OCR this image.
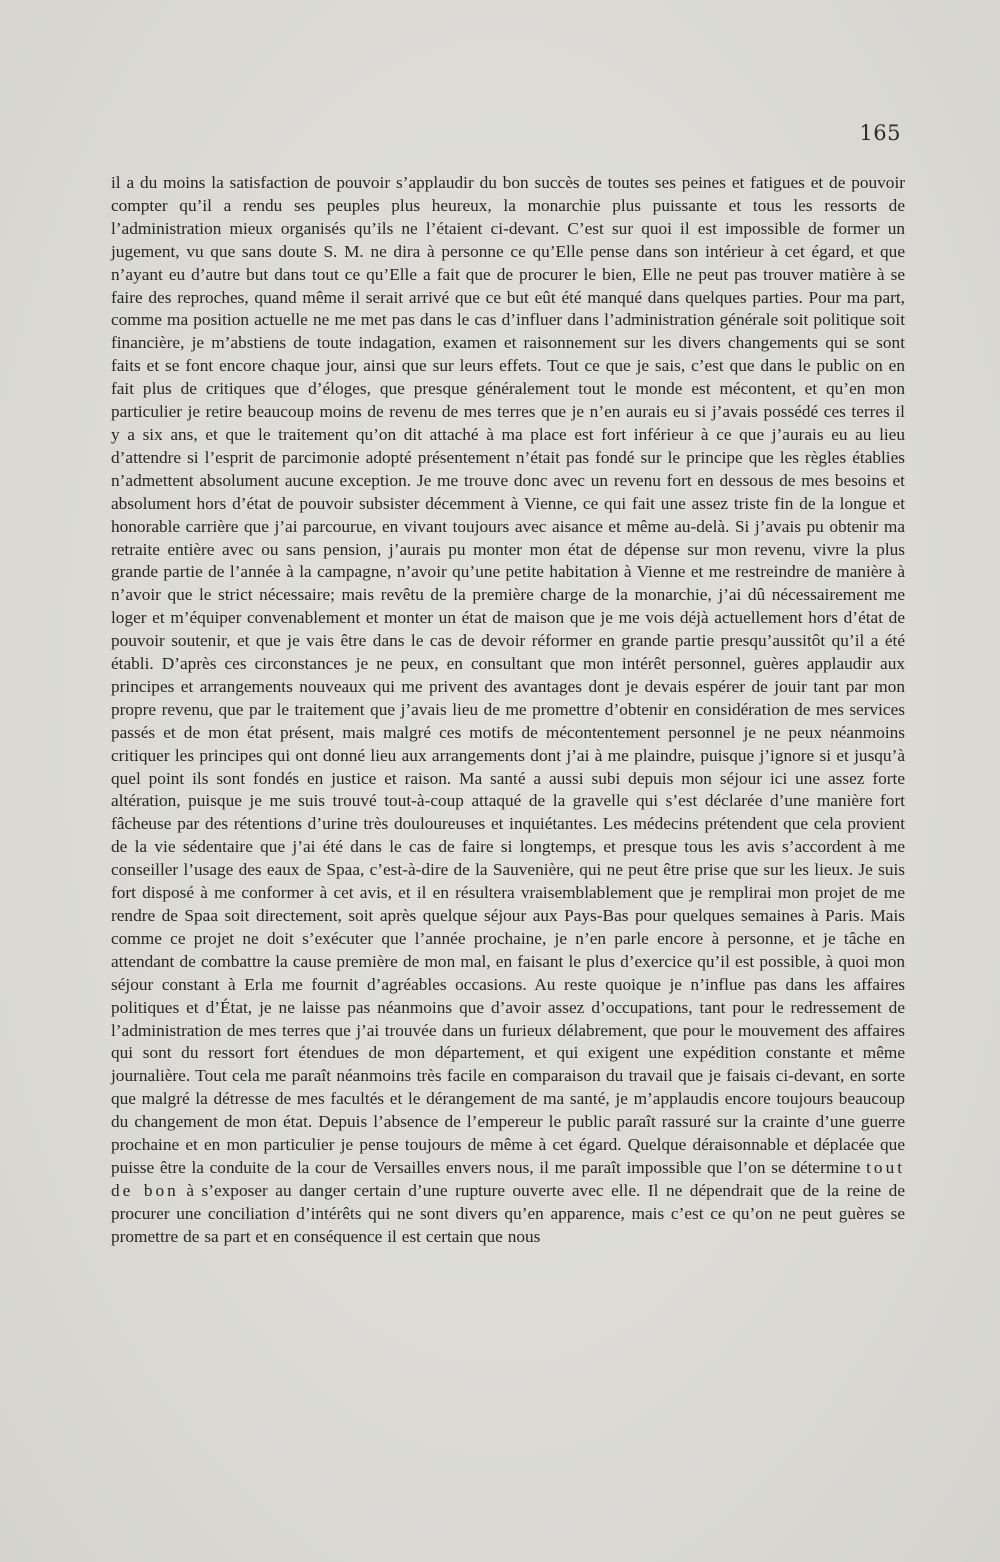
165

il a du moins la satisfaction de pouvoir s’applaudir du bon succès de toutes ses peines et fatigues et de pouvoir compter qu’il a rendu ses peuples plus heureux, la monarchie plus puissante et tous les ressorts de l’administration mieux organisés qu’ils ne l’étaient ci-devant. C’est sur quoi il est impossible de former un jugement, vu que sans doute S. M. ne dira à personne ce qu’Elle pense dans son intérieur à cet égard, et que n’ayant eu d’autre but dans tout ce qu’Elle a fait que de procurer le bien, Elle ne peut pas trouver matière à se faire des reproches, quand même il serait arrivé que ce but eût été manqué dans quelques parties. Pour ma part, comme ma position actuelle ne me met pas dans le cas d’influer dans l’administration générale soit politique soit financière, je m’abstiens de toute indagation, examen et raisonnement sur les divers changements qui se sont faits et se font encore chaque jour, ainsi que sur leurs effets. Tout ce que je sais, c’est que dans le public on en fait plus de critiques que d’éloges, que presque généralement tout le monde est mécontent, et qu’en mon particulier je retire beaucoup moins de revenu de mes terres que je n’en aurais eu si j’avais possédé ces terres il y a six ans, et que le traitement qu’on dit attaché à ma place est fort inférieur à ce que j’aurais eu au lieu d’attendre si l’esprit de parcimonie adopté présentement n’était pas fondé sur le principe que les règles établies n’admettent absolument aucune exception. Je me trouve donc avec un revenu fort en dessous de mes besoins et absolument hors d’état de pouvoir subsister décemment à Vienne, ce qui fait une assez triste fin de la longue et honorable carrière que j’ai parcourue, en vivant toujours avec aisance et même au-delà. Si j’avais pu obtenir ma retraite entière avec ou sans pension, j’aurais pu monter mon état de dépense sur mon revenu, vivre la plus grande partie de l’année à la campagne, n’avoir qu’une petite habitation à Vienne et me restreindre de manière à n’avoir que le strict nécessaire; mais revêtu de la première charge de la monarchie, j’ai dû nécessairement me loger et m’équiper convenablement et monter un état de maison que je me vois déjà actuellement hors d’état de pouvoir soutenir, et que je vais être dans le cas de devoir réformer en grande partie presqu’aussitôt qu’il a été établi. D’après ces circonstances je ne peux, en consultant que mon intérêt personnel, guères applaudir aux principes et arrangements nouveaux qui me privent des avantages dont je devais espérer de jouir tant par mon propre revenu, que par le traitement que j’avais lieu de me promettre d’obtenir en considération de mes services passés et de mon état présent, mais malgré ces motifs de mécontentement personnel je ne peux néanmoins critiquer les principes qui ont donné lieu aux arrangements dont j’ai à me plaindre, puisque j’ignore si et jusqu’à quel point ils sont fondés en justice et raison. Ma santé a aussi subi depuis mon séjour ici une assez forte altération, puisque je me suis trouvé tout-à-coup attaqué de la gravelle qui s’est déclarée d’une manière fort fâcheuse par des rétentions d’urine très douloureuses et inquiétantes. Les médecins prétendent que cela provient de la vie sédentaire que j’ai été dans le cas de faire si longtemps, et presque tous les avis s’accordent à me conseiller l’usage des eaux de Spaa, c’est-à-dire de la Sauvenière, qui ne peut être prise que sur les lieux. Je suis fort disposé à me conformer à cet avis, et il en résultera vraisemblablement que je remplirai mon projet de me rendre de Spaa soit directement, soit après quelque séjour aux Pays-Bas pour quelques semaines à Paris. Mais comme ce projet ne doit s’exécuter que l’année prochaine, je n’en parle encore à personne, et je tâche en attendant de combattre la cause première de mon mal, en faisant le plus d’exercice qu’il est possible, à quoi mon séjour constant à Erla me fournit d’agréables occasions. Au reste quoique je n’influe pas dans les affaires politiques et d’État, je ne laisse pas néanmoins que d’avoir assez d’occupations, tant pour le redressement de l’administration de mes terres que j’ai trouvée dans un furieux délabrement, que pour le mouvement des affaires qui sont du ressort fort étendues de mon département, et qui exigent une expédition constante et même journalière. Tout cela me paraît néanmoins très facile en comparaison du travail que je faisais ci-devant, en sorte que malgré la détresse de mes facultés et le dérangement de ma santé, je m’applaudis encore toujours beaucoup du changement de mon état. Depuis l’absence de l’empereur le public paraît rassuré sur la crainte d’une guerre prochaine et en mon particulier je pense toujours de même à cet égard. Quelque déraisonnable et déplacée que puisse être la conduite de la cour de Versailles envers nous, il me paraît impossible que l’on se détermine tout de bon à s’exposer au danger certain d’une rupture ouverte avec elle. Il ne dépendrait que de la reine de procurer une conciliation d’intérêts qui ne sont divers qu’en apparence, mais c’est ce qu’on ne peut guères se promettre de sa part et en conséquence il est certain que nous
